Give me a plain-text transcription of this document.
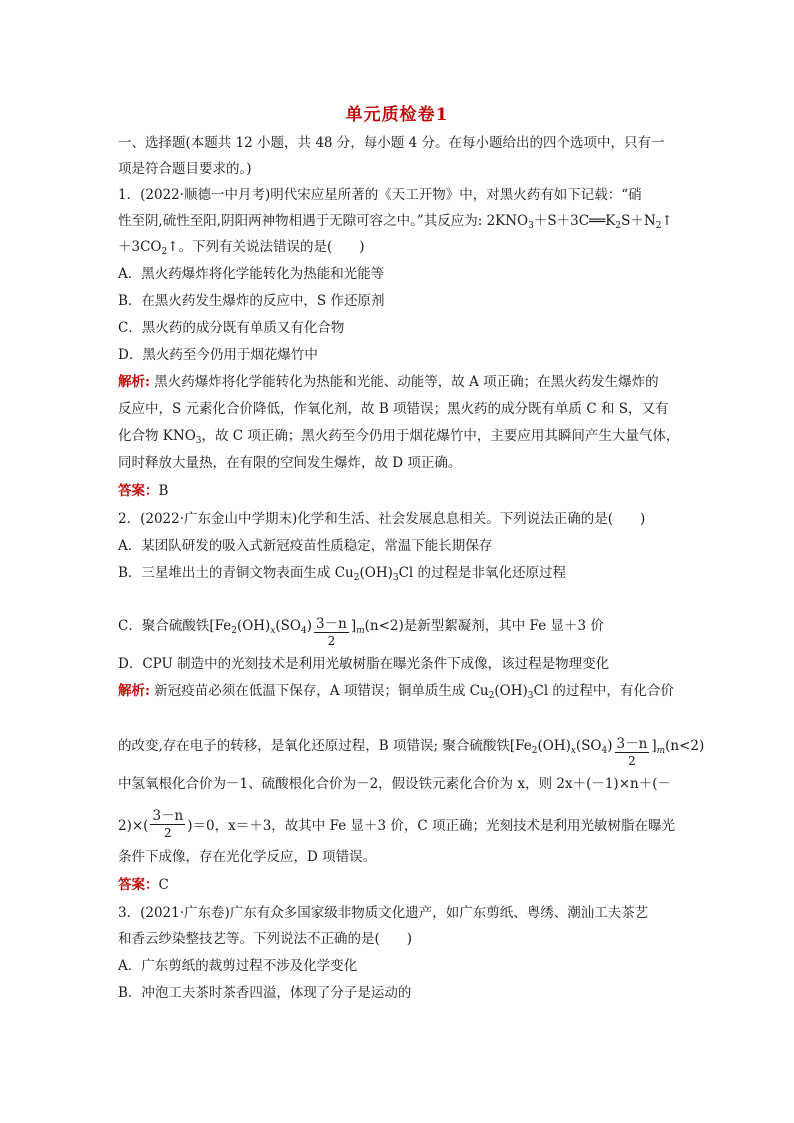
单元质检卷1
一、选择题(本题共 12 小题，共 48 分，每小题 4 分。在每小题给出的四个选项中，只有一
项是符合题目要求的。)
1．(2022·顺德一中月考)明代宋应星所著的《天工开物》中，对黑火药有如下记载：“硝
性至阴,硫性至阳,阴阳两神物相遇于无隙可容之中。”其反应为: $2KNO_3+S+3C══K_2S+N_2↑$
$+3CO_2↑$。下列有关说法错误的是(　　)
A．黑火药爆炸将化学能转化为热能和光能等
B．在黑火药发生爆炸的反应中，S 作还原剂
C．黑火药的成分既有单质又有化合物
D．黑火药至今仍用于烟花爆竹中
解析: 黑火药爆炸将化学能转化为热能和光能、动能等，故 A 项正确；在黑火药发生爆炸的
反应中，S 元素化合价降低，作氧化剂，故 B 项错误；黑火药的成分既有单质 C 和 S，又有
化合物 $KNO_3$，故 C 项正确；黑火药至今仍用于烟花爆竹中，主要应用其瞬间产生大量气体，
同时释放大量热，在有限的空间发生爆炸，故 D 项正确。
答案：B
2．(2022·广东金山中学期末)化学和生活、社会发展息息相关。下列说法正确的是(　　)
A．某团队研发的吸入式新冠疫苗性质稳定，常温下能长期保存
B．三星堆出土的青铜文物表面生成 $Cu_2(OH)_3Cl$ 的过程是非氧化还原过程
C．聚合硫酸铁$[Fe_2(OH)_x(SO_4) \frac{3-n}{2} ]_m(n<2)$是新型絮凝剂，其中 Fe 显＋3 价
D．CPU 制造中的光刻技术是利用光敏树脂在曝光条件下成像，该过程是物理变化
解析: 新冠疫苗必须在低温下保存，A 项错误；铜单质生成 $Cu_2(OH)_3Cl$ 的过程中，有化合价
的改变,存在电子的转移，是氧化还原过程，B 项错误; 聚合硫酸铁$[Fe_2(OH)_x(SO_4) \frac{3-n}{2} ]_m(n<2)$
中氢氧根化合价为－1、硫酸根化合价为－2，假设铁元素化合价为 x，则 2x＋(－1)×n＋(－
$2)\times( \frac{3-n}{2} )=0$，x＝＋3，故其中 Fe 显＋3 价，C 项正确；光刻技术是利用光敏树脂在曝光
条件下成像，存在光化学反应，D 项错误。
答案：C
3．(2021·广东卷)广东有众多国家级非物质文化遗产，如广东剪纸、粤绣、潮汕工夫茶艺
和香云纱染整技艺等。下列说法不正确的是(　　)
A．广东剪纸的裁剪过程不涉及化学变化
B．冲泡工夫茶时茶香四溢，体现了分子是运动的
